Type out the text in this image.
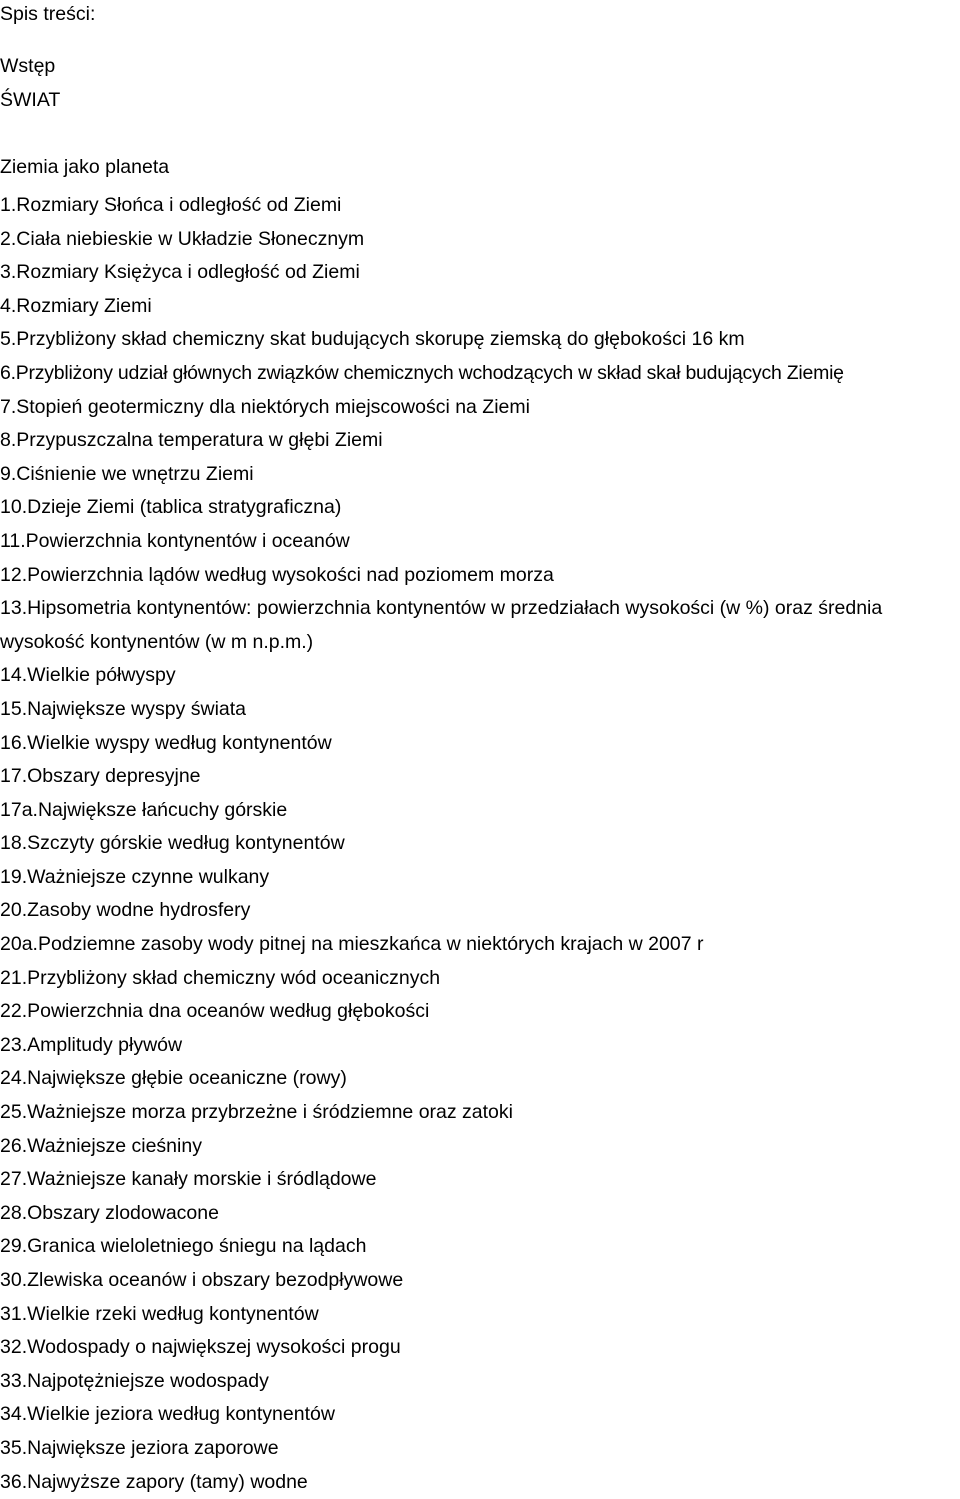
Spis treści:
Wstęp
ŚWIAT
Ziemia jako planeta
1.Rozmiary Słońca i odległość od Ziemi
2.Ciała niebieskie w Układzie Słonecznym
3.Rozmiary Księżyca i odległość od Ziemi
4.Rozmiary Ziemi
5.Przybliżony skład chemiczny skat budujących skorupę ziemską do głębokości 16 km
6.Przybliżony udział głównych związków chemicznych wchodzących w skład skał budujących Ziemię
7.Stopień geotermiczny dla niektórych miejscowości na Ziemi
8.Przypuszczalna temperatura w głębi Ziemi
9.Ciśnienie we wnętrzu Ziemi
10.Dzieje Ziemi (tablica stratygraficzna)
11.Powierzchnia kontynentów i oceanów
12.Powierzchnia lądów według wysokości nad poziomem morza
13.Hipsometria kontynentów: powierzchnia kontynentów w przedziałach wysokości (w %) oraz średnia wysokość kontynentów (w m n.p.m.)
14.Wielkie półwyspy
15.Największe wyspy świata
16.Wielkie wyspy według kontynentów
17.Obszary depresyjne
17a.Największe łańcuchy górskie
18.Szczyty górskie według kontynentów
19.Ważniejsze czynne wulkany
20.Zasoby wodne hydrosfery
20a.Podziemne zasoby wody pitnej na mieszkańca w niektórych krajach w 2007 r
21.Przybliżony skład chemiczny wód oceanicznych
22.Powierzchnia dna oceanów według głębokości
23.Amplitudy pływów
24.Największe głębie oceaniczne (rowy)
25.Ważniejsze morza przybrzeżne i śródziemne oraz zatoki
26.Ważniejsze cieśniny
27.Ważniejsze kanały morskie i śródlądowe
28.Obszary zlodowacone
29.Granica wieloletniego śniegu na lądach
30.Zlewiska oceanów i obszary bezodpływowe
31.Wielkie rzeki według kontynentów
32.Wodospady o największej wysokości progu
33.Najpotężniejsze wodospady
34.Wielkie jeziora według kontynentów
35.Największe jeziora zaporowe
36.Najwyższe zapory (tamy) wodne
